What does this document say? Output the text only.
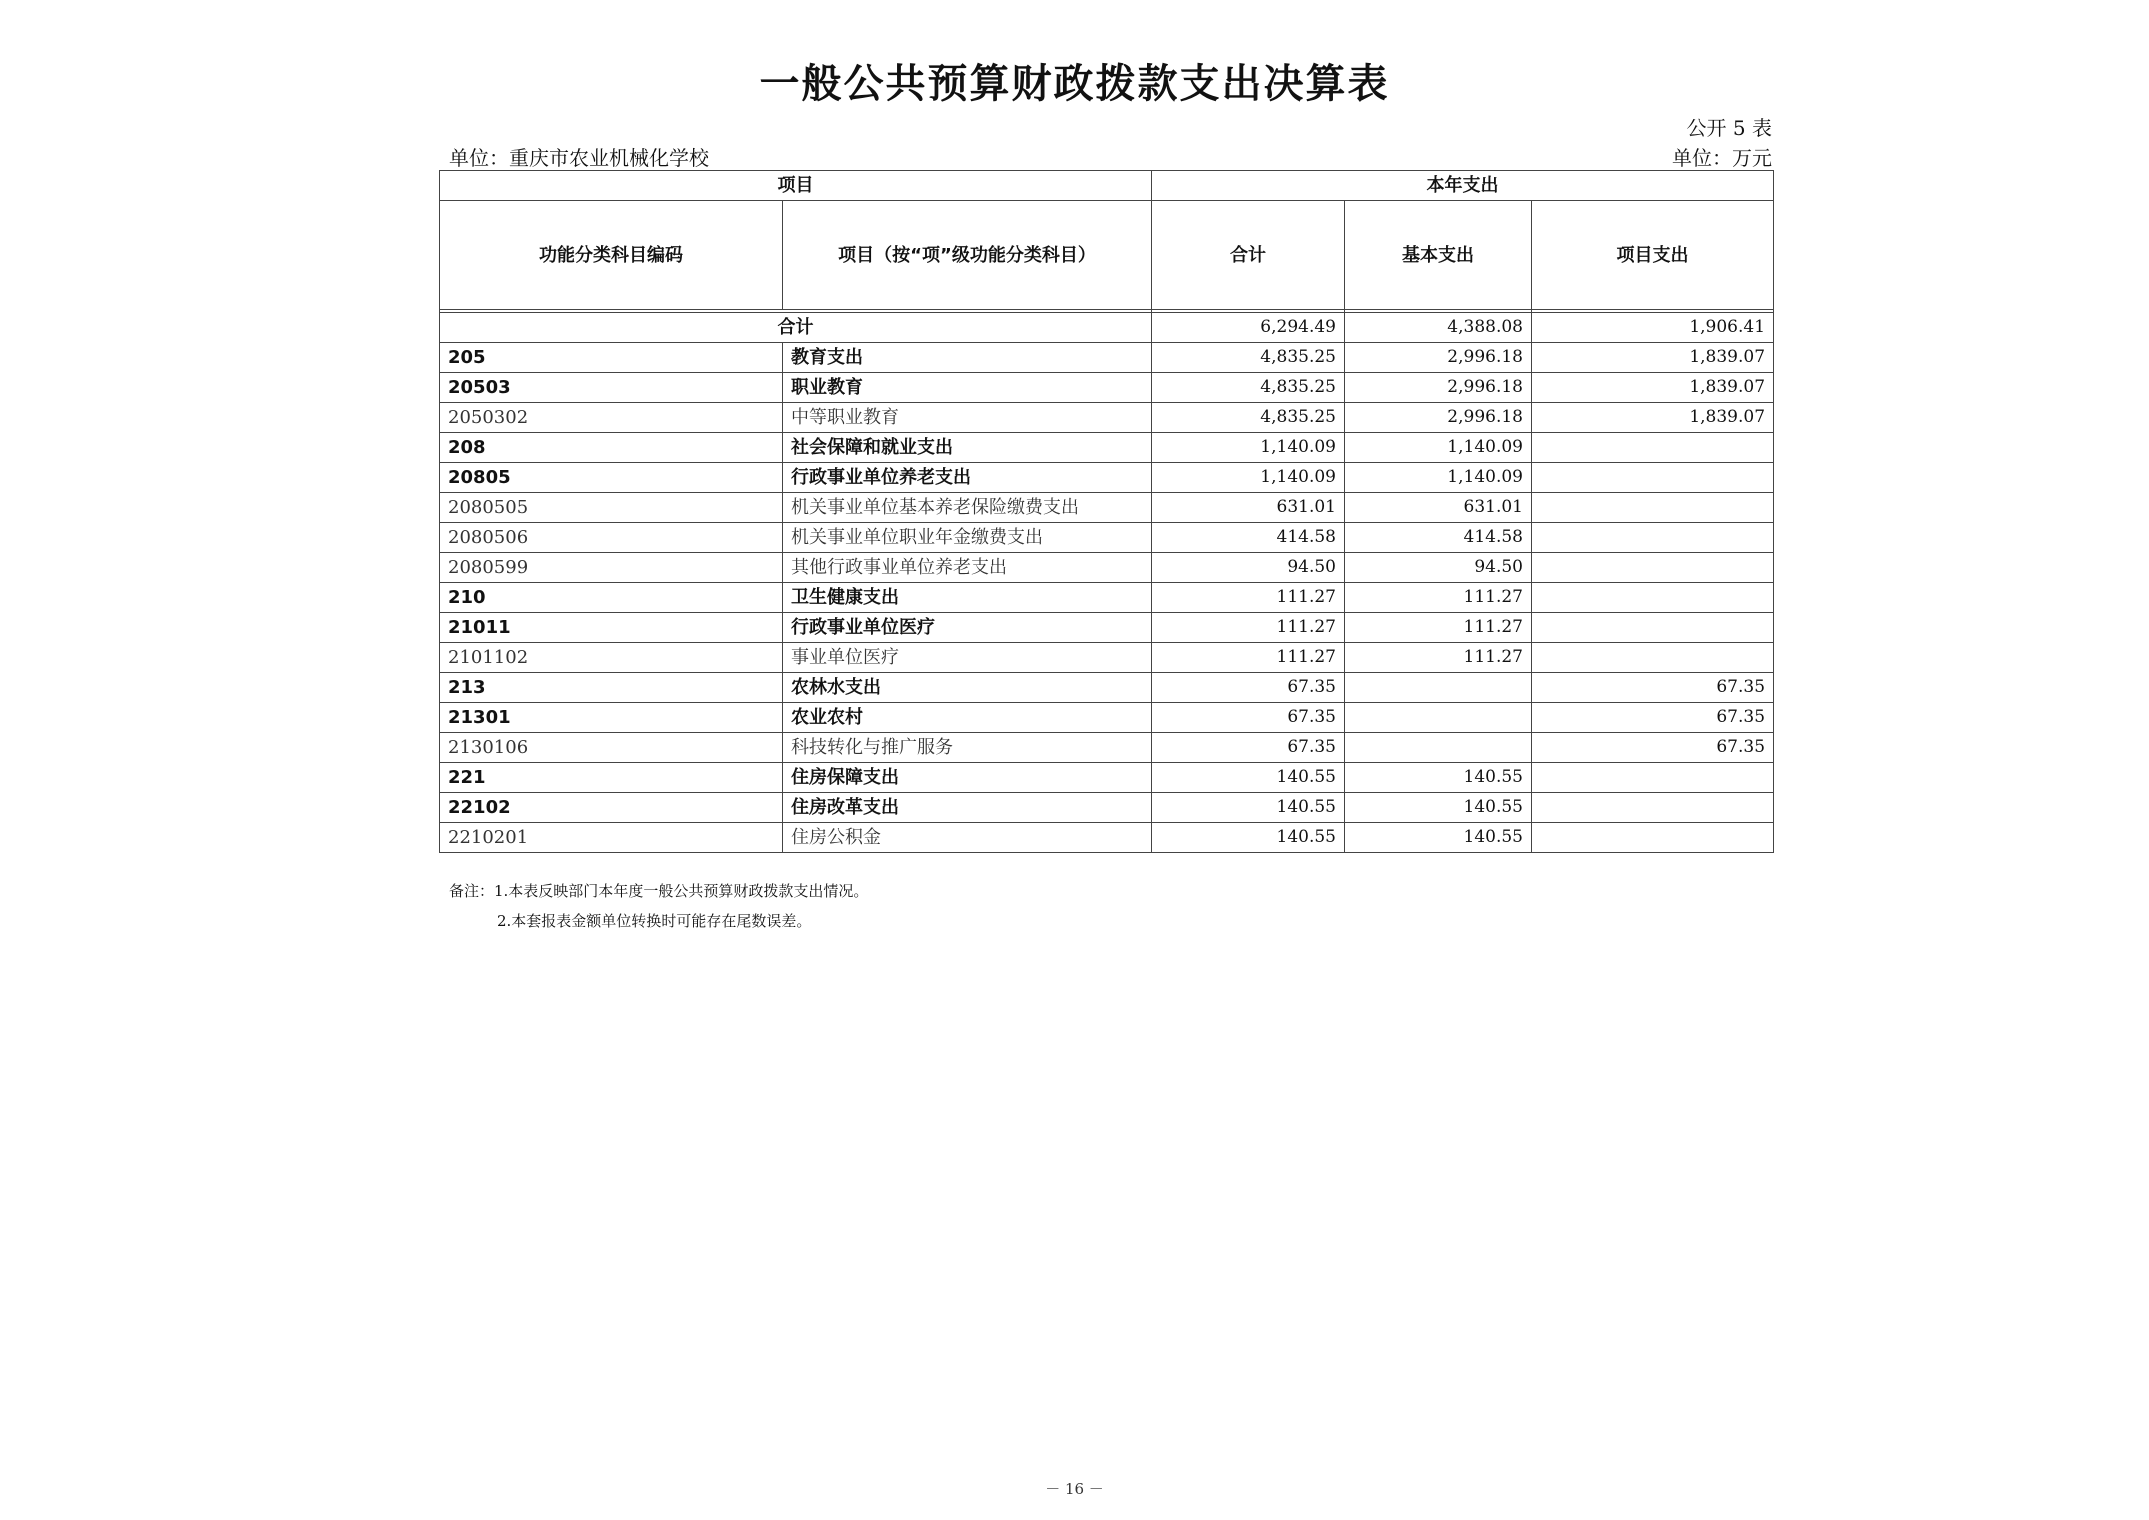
一般公共预算财政拨款支出决算表
公开 5 表
单位：重庆市农业机械化学校	单位：万元
项目		本年支出		
功能分类科目编码	项目（按“项”级功能分类科目）	合计	基本支出	项目支出

合计		6,294.49	4,388.08	1,906.41
205	教育支出	4,835.25	2,996.18	1,839.07
20503	职业教育	4,835.25	2,996.18	1,839.07
2050302	中等职业教育	4,835.25	2,996.18	1,839.07
208	社会保障和就业支出	1,140.09	1,140.09	
20805	行政事业单位养老支出	1,140.09	1,140.09	
2080505	机关事业单位基本养老保险缴费支出	631.01	631.01	
2080506	机关事业单位职业年金缴费支出	414.58	414.58	
2080599	其他行政事业单位养老支出	94.50	94.50	
210	卫生健康支出	111.27	111.27	
21011	行政事业单位医疗	111.27	111.27	
2101102	事业单位医疗	111.27	111.27	
213	农林水支出	67.35		67.35
21301	农业农村	67.35		67.35
2130106	科技转化与推广服务	67.35		67.35
221	住房保障支出	140.55	140.55	
22102	住房改革支出	140.55	140.55	
2210201	住房公积金	140.55	140.55	
备注：1.本表反映部门本年度一般公共预算财政拨款支出情况。
2.本套报表金额单位转换时可能存在尾数误差。
－ 16 －
